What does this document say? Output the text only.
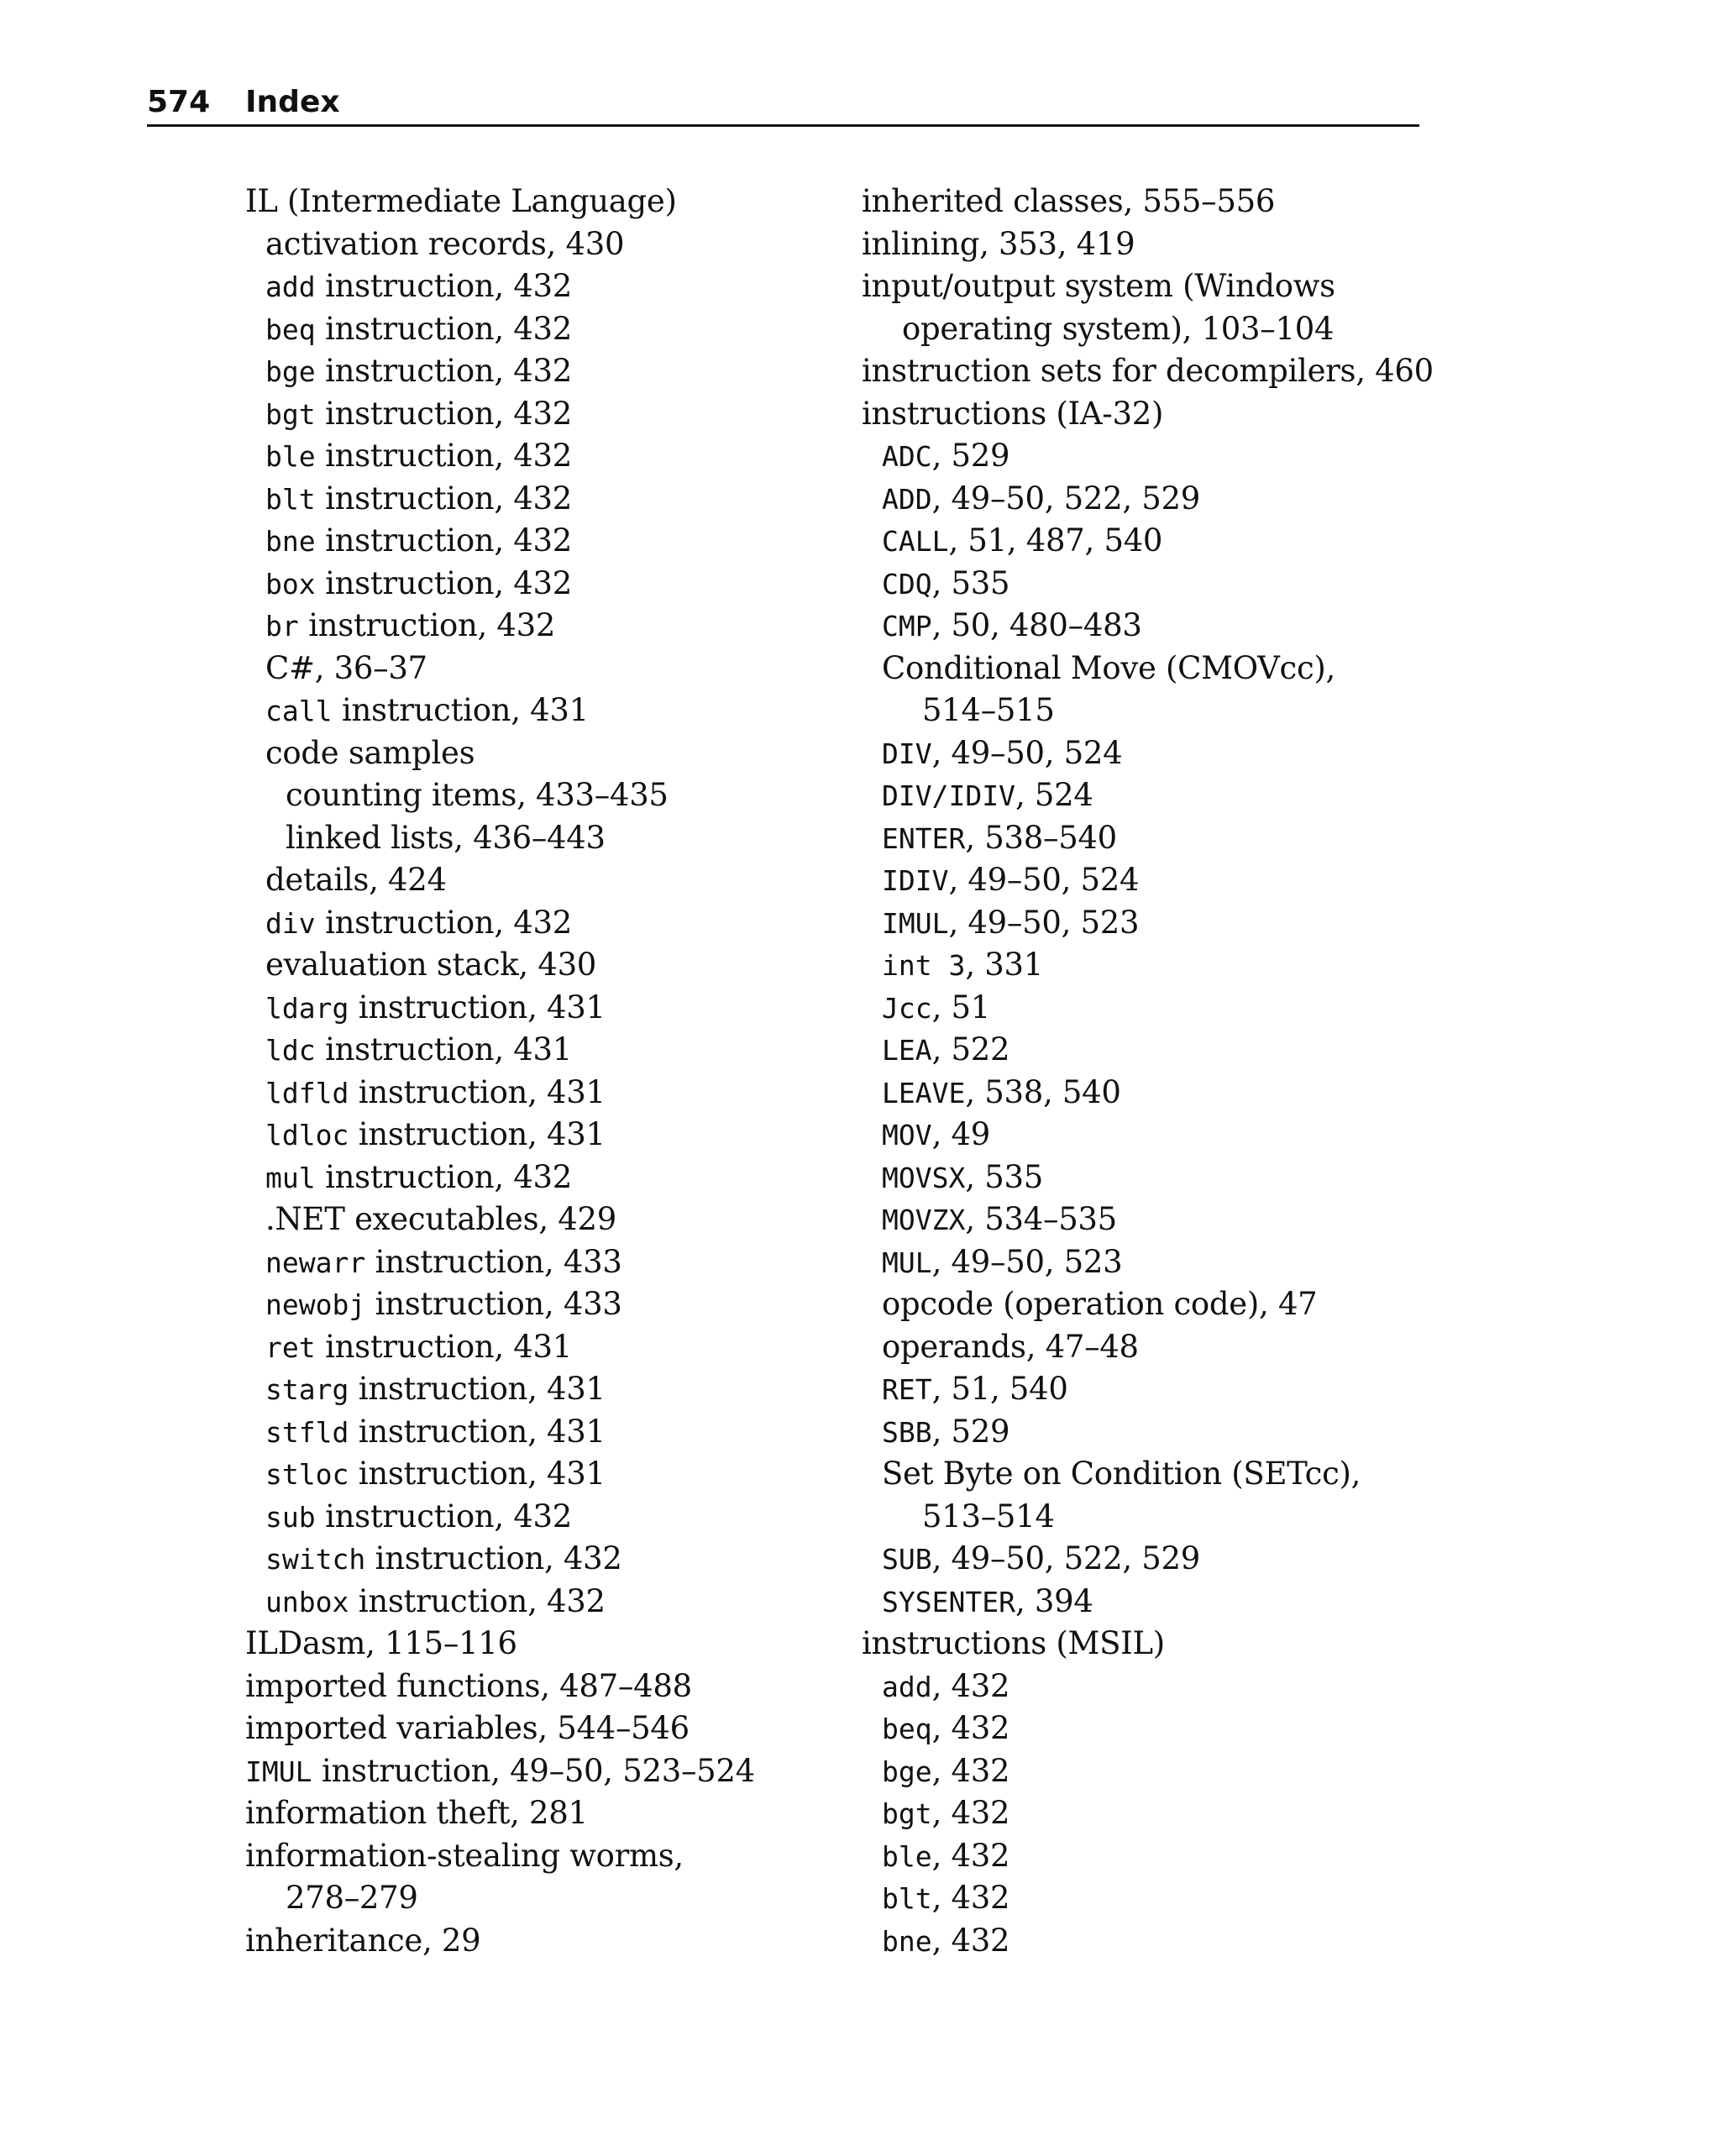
574 Index
IL (Intermediate Language)
activation records, 430
add instruction, 432
beq instruction, 432
bge instruction, 432
bgt instruction, 432
ble instruction, 432
blt instruction, 432
bne instruction, 432
box instruction, 432
br instruction, 432
C#, 36–37
call instruction, 431
code samples
counting items, 433–435
linked lists, 436–443
details, 424
div instruction, 432
evaluation stack, 430
ldarg instruction, 431
ldc instruction, 431
ldfld instruction, 431
ldloc instruction, 431
mul instruction, 432
.NET executables, 429
newarr instruction, 433
newobj instruction, 433
ret instruction, 431
starg instruction, 431
stfld instruction, 431
stloc instruction, 431
sub instruction, 432
switch instruction, 432
unbox instruction, 432
ILDasm, 115–116
imported functions, 487–488
imported variables, 544–546
IMUL instruction, 49–50, 523–524
information theft, 281
information-stealing worms,
278–279
inheritance, 29
inherited classes, 555–556
inlining, 353, 419
input/output system (Windows
operating system), 103–104
instruction sets for decompilers, 460
instructions (IA-32)
ADC, 529
ADD, 49–50, 522, 529
CALL, 51, 487, 540
CDQ, 535
CMP, 50, 480–483
Conditional Move (CMOVcc),
514–515
DIV, 49–50, 524
DIV/IDIV, 524
ENTER, 538–540
IDIV, 49–50, 524
IMUL, 49–50, 523
int 3, 331
Jcc, 51
LEA, 522
LEAVE, 538, 540
MOV, 49
MOVSX, 535
MOVZX, 534–535
MUL, 49–50, 523
opcode (operation code), 47
operands, 47–48
RET, 51, 540
SBB, 529
Set Byte on Condition (SETcc),
513–514
SUB, 49–50, 522, 529
SYSENTER, 394
instructions (MSIL)
add, 432
beq, 432
bge, 432
bgt, 432
ble, 432
blt, 432
bne, 432
